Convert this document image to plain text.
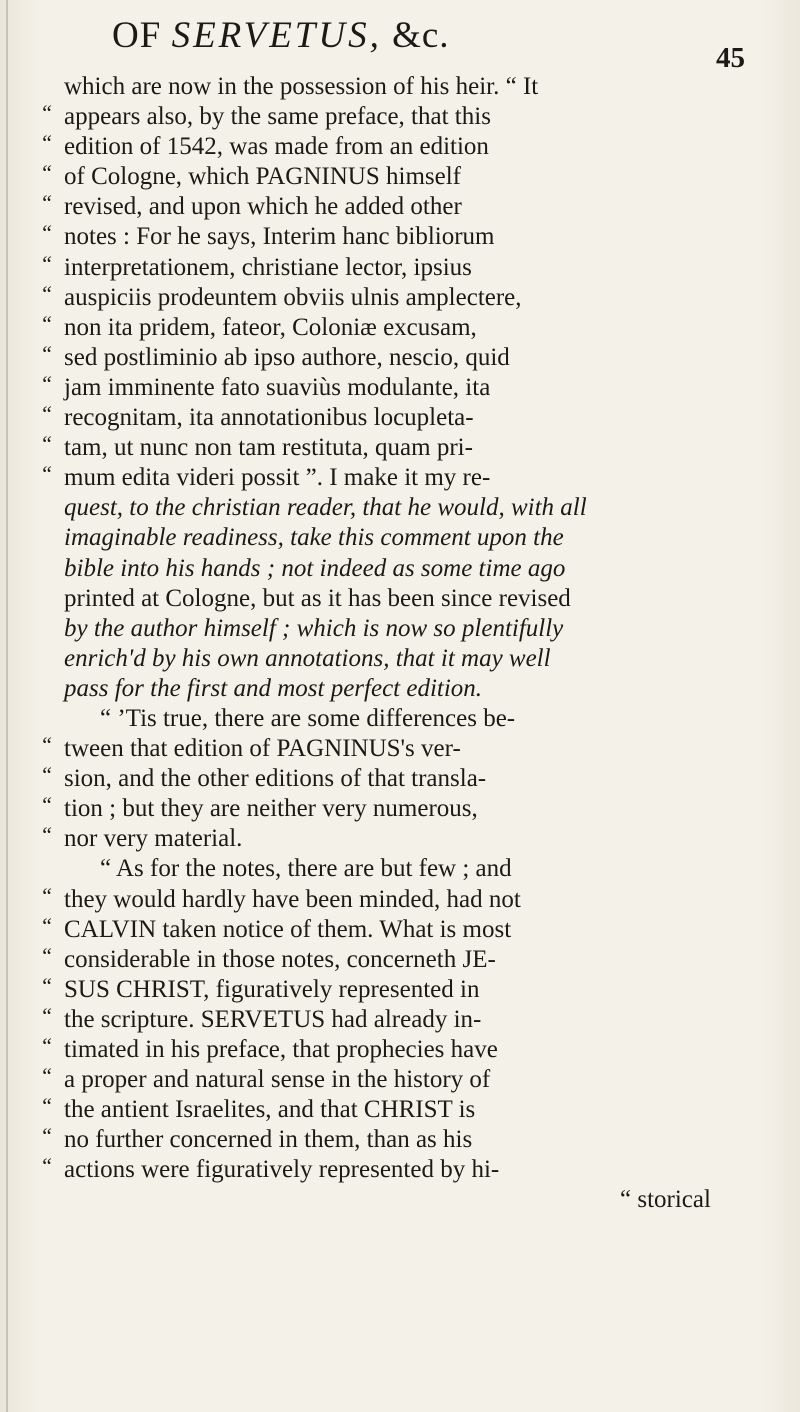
OF SERVETUS, &c.
45
which are now in the possession of his heir. “ It
“ appears also, by the same preface, that this
“ edition of 1542, was made from an edition
“ of Cologne, which PAGNINUS himself
“ revised, and upon which he added other
“ notes : For he says, Interim hanc bibliorum
“ interpretationem, christiane lector, ipsius
“ auspiciis prodeuntem obviis ulnis amplectere,
“ non ita pridem, fateor, Coloniæ excusam,
“ sed postliminio ab ipso authore, nescio, quid
“ jam imminente fato suaviùs modulante, ita
“ recognitam, ita annotationibus locupleta-
“ tam, ut nunc non tam restituta, quam pri-
“ mum edita videri possit ”. I make it my re-
quest, to the christian reader, that he would, with all
imaginable readiness, take this comment upon the
bible into his hands ; not indeed as some time ago
printed at Cologne, but as it has been since revised
by the author himself ; which is now so plentifully
enrich'd by his own annotations, that it may well
pass for the first and most perfect edition.
“ ’Tis true, there are some differences be-
“ tween that edition of PAGNINUS's ver-
“ sion, and the other editions of that transla-
“ tion ; but they are neither very numerous,
“ nor very material.
“ As for the notes, there are but few ; and
“ they would hardly have been minded, had not
“ CALVIN taken notice of them. What is most
“ considerable in those notes, concerneth JE-
“ SUS CHRIST, figuratively represented in
“ the scripture. SERVETUS had already in-
“ timated in his preface, that prophecies have
“ a proper and natural sense in the history of
“ the antient Israelites, and that CHRIST is
“ no further concerned in them, than as his
“ actions were figuratively represented by hi-
“ storical
